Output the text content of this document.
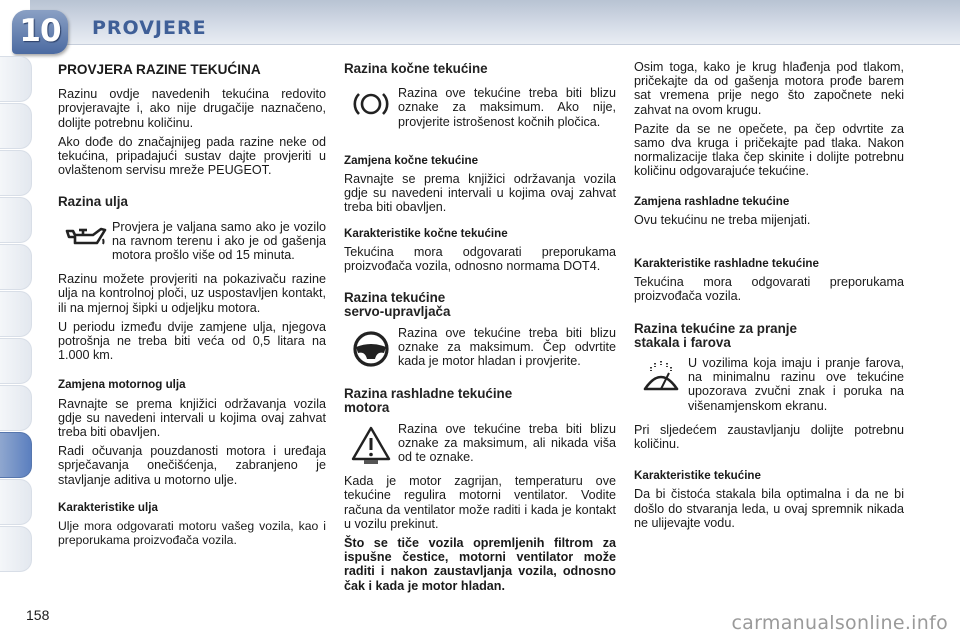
PROVJERE
10
PROVJERA RAZINE TEKUĆINA

Razinu ovdje navedenih tekućina redovito provjeravajte i, ako nije drugačije naznačeno, dolijte potrebnu količinu.

Ako dođe do značajnijeg pada razine neke od tekućina, pripadajući sustav dajte provjeriti u ovlaštenom servisu mreže PEUGEOT.

Razina ulja

Provjera je valjana samo ako je vozilo na ravnom terenu i ako je od gašenja motora prošlo više od 15 minuta.

Razinu možete provjeriti na pokazivaču razine ulja na kontrolnoj ploči, uz uspostavljen kontakt, ili na mjernoj šipki u odjeljku motora.

U periodu između dvije zamjene ulja, njegova potrošnja ne treba biti veća od 0,5 litara na 1.000 km.

Zamjena motornog ulja

Ravnajte se prema knjižici održavanja vozila gdje su navedeni intervali u kojima ovaj zahvat treba biti obavljen.

Radi očuvanja pouzdanosti motora i uređaja sprječavanja onečišćenja, zabranjeno je stavljanje aditiva u motorno ulje.

Karakteristike ulja

Ulje mora odgovarati motoru vašeg vozila, kao i preporukama proizvođača vozila.

Razina kočne tekućine

Razina ove tekućine treba biti blizu oznake za maksimum. Ako nije, provjerite istrošenost kočnih pločica.

Zamjena kočne tekućine

Ravnajte se prema knjižici održavanja vozila gdje su navedeni intervali u kojima ovaj zahvat treba biti obavljen.

Karakteristike kočne tekućine

Tekućina mora odgovarati preporukama proizvođača vozila, odnosno normama DOT4.

Razina tekućine
servo-upravljača

Razina ove tekućine treba biti blizu oznake za maksimum. Čep odvrtite kada je motor hladan i provjerite.

Razina rashladne tekućine
motora

Razina ove tekućine treba biti blizu oznake za maksimum, ali nikada viša od te oznake.

Kada je motor zagrijan, temperaturu ove tekućine regulira motorni ventilator. Vodite računa da ventilator može raditi i kada je kontakt u vozilu prekinut.

Što se tiče vozila opremljenih filtrom za ispušne čestice, motorni ventilator može raditi i nakon zaustavljanja vozila, odnosno čak i kada je motor hladan.

Osim toga, kako je krug hlađenja pod tlakom, pričekajte da od gašenja motora prođe barem sat vremena prije nego što započnete neki zahvat na ovom krugu.

Pazite da se ne opečete, pa čep odvrtite za samo dva kruga i pričekajte pad tlaka. Nakon normalizacije tlaka čep skinite i dolijte potrebnu količinu odgovarajuće tekućine.

Zamjena rashladne tekućine

Ovu tekućinu ne treba mijenjati.

Karakteristike rashladne tekućine

Tekućina mora odgovarati preporukama proizvođača vozila.

Razina tekućine za pranje
stakala i farova

U vozilima koja imaju i pranje farova, na minimalnu razinu ove tekućine upozorava zvučni znak i poruka na višenamjenskom ekranu.

Pri sljedećem zaustavljanju dolijte potrebnu količinu.

Karakteristike tekućine

Da bi čistoća stakala bila optimalna i da ne bi došlo do stvaranja leda, u ovaj spremnik nikada ne ulijevajte vodu.

158	carmanualsonline.info
